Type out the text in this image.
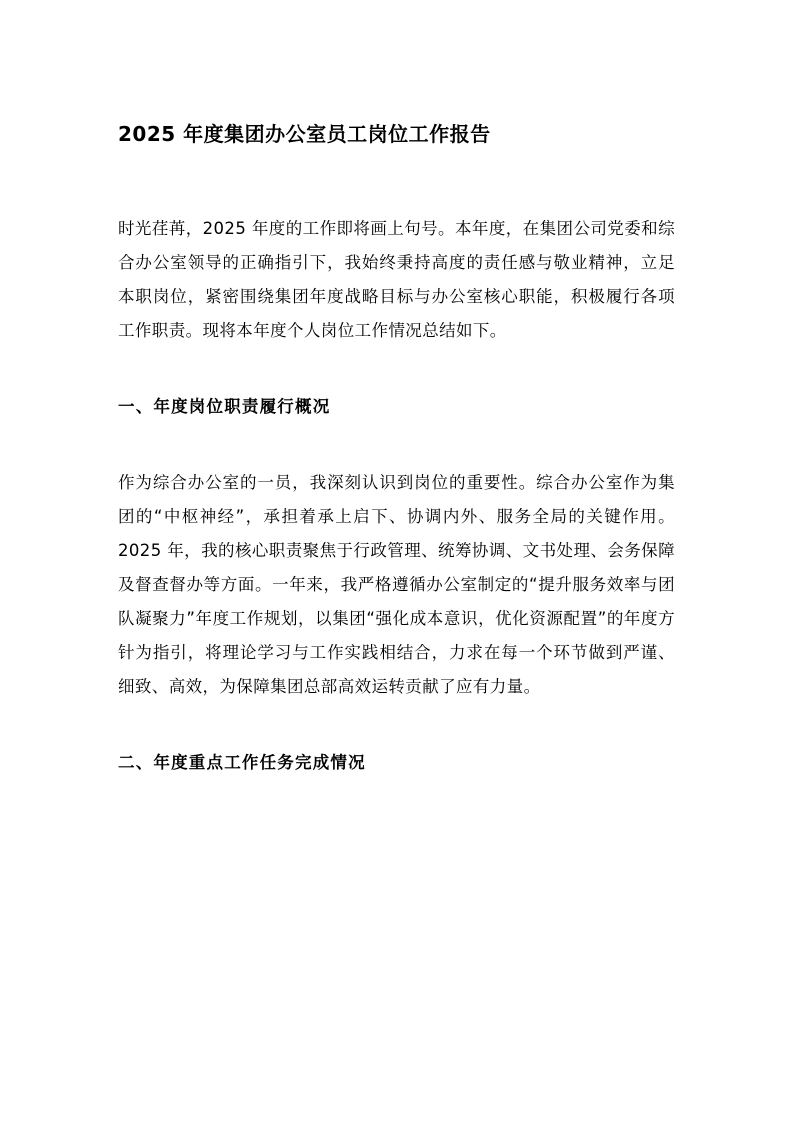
2025 年度集团办公室员工岗位工作报告

时光荏苒，2025 年度的工作即将画上句号。本年度，在集团公司党委和综合办公室领导的正确指引下，我始终秉持高度的责任感与敬业精神，立足本职岗位，紧密围绕集团年度战略目标与办公室核心职能，积极履行各项工作职责。现将本年度个人岗位工作情况总结如下。

一、年度岗位职责履行概况

作为综合办公室的一员，我深刻认识到岗位的重要性。综合办公室作为集团的“中枢神经”，承担着承上启下、协调内外、服务全局的关键作用。2025 年，我的核心职责聚焦于行政管理、统筹协调、文书处理、会务保障及督查督办等方面。一年来，我严格遵循办公室制定的“提升服务效率与团队凝聚力”年度工作规划，以集团“强化成本意识，优化资源配置”的年度方针为指引，将理论学习与工作实践相结合，力求在每一个环节做到严谨、细致、高效，为保障集团总部高效运转贡献了应有力量。

二、年度重点工作任务完成情况
